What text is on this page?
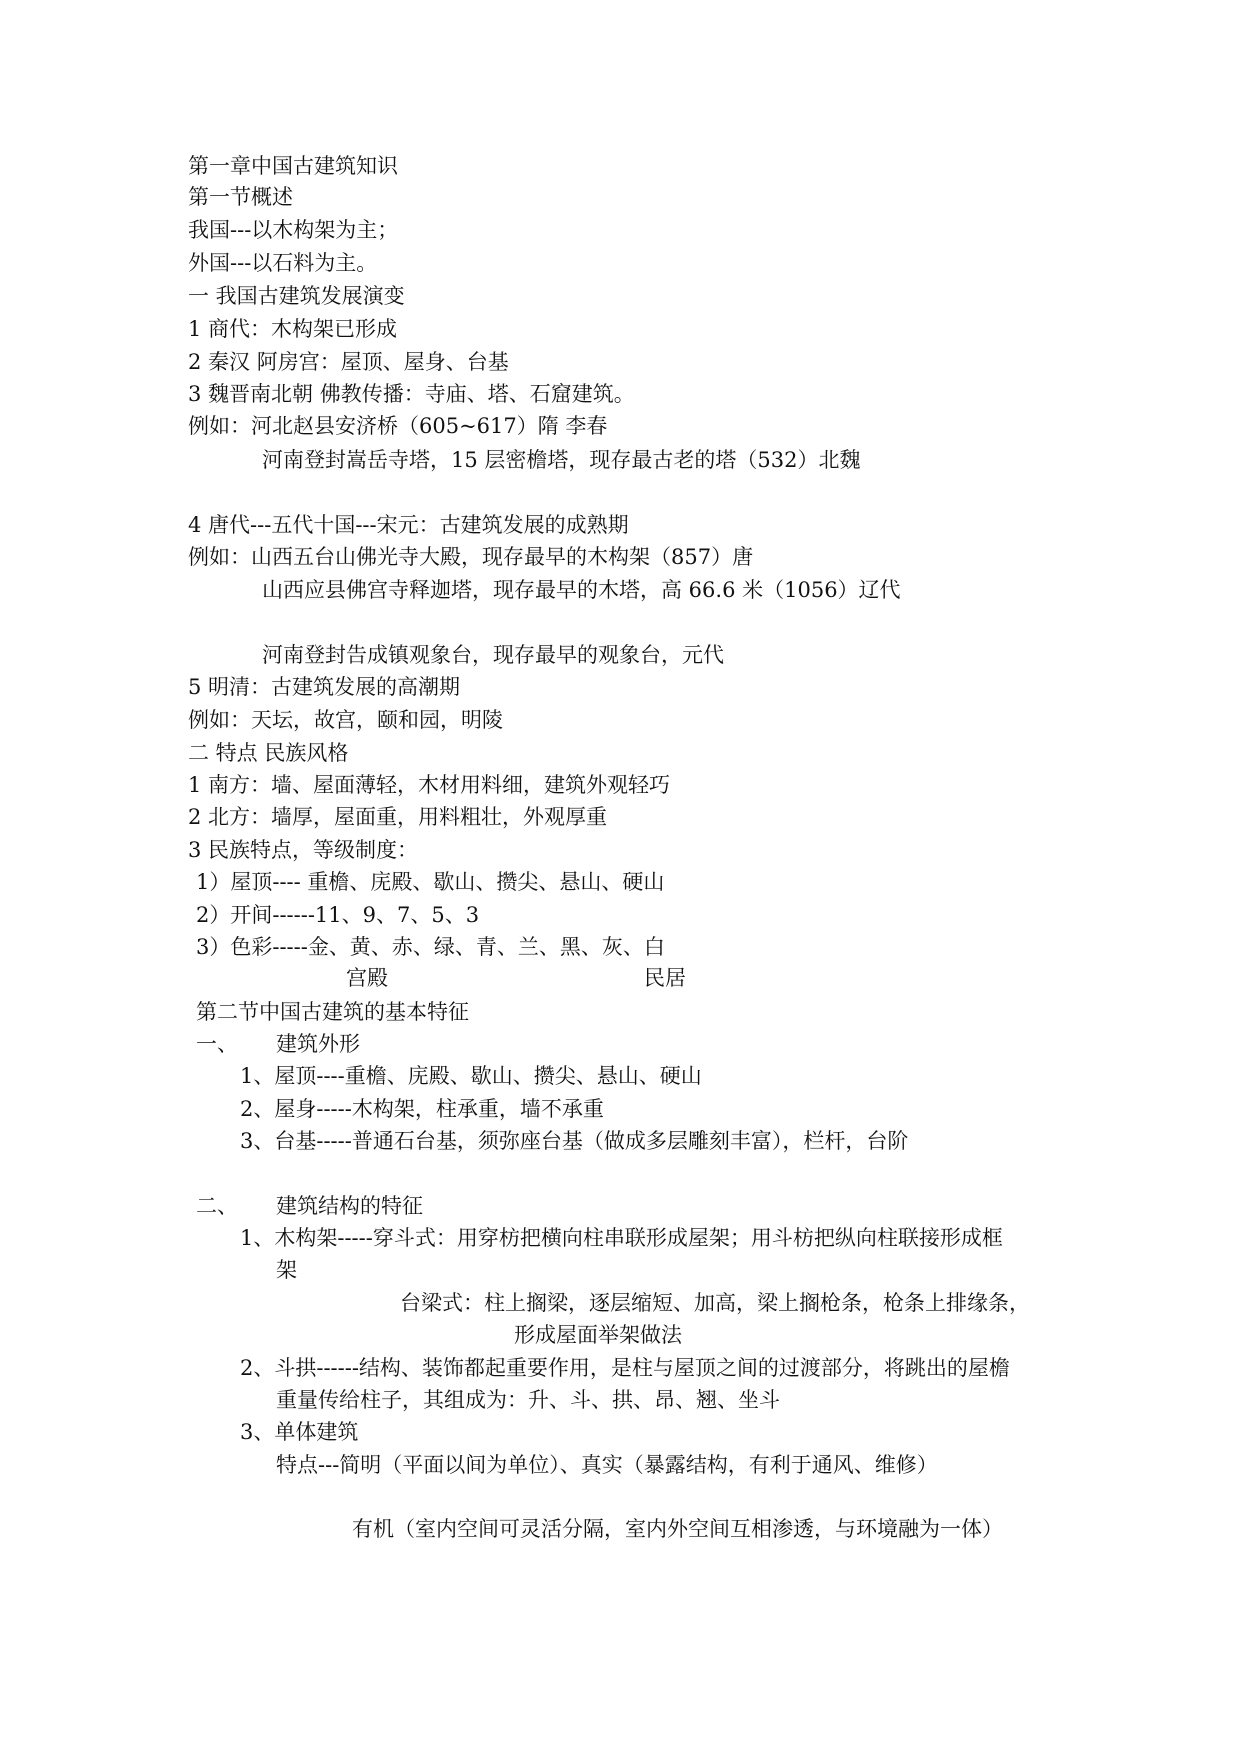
第一章中国古建筑知识
第一节概述
我国---以木构架为主；
外国---以石料为主。
一 我国古建筑发展演变
1 商代：木构架已形成
2 秦汉 阿房宫：屋顶、屋身、台基
3 魏晋南北朝 佛教传播：寺庙、塔、石窟建筑。
例如：河北赵县安济桥（605~617）隋 李春
河南登封嵩岳寺塔，15 层密檐塔，现存最古老的塔（532）北魏
4 唐代---五代十国---宋元：古建筑发展的成熟期
例如：山西五台山佛光寺大殿，现存最早的木构架（857）唐
山西应县佛宫寺释迦塔，现存最早的木塔，高 66.6 米（1056）辽代
河南登封告成镇观象台，现存最早的观象台，元代
5 明清：古建筑发展的高潮期
例如：天坛，故宫，颐和园，明陵
二 特点 民族风格
1 南方：墙、屋面薄轻，木材用料细，建筑外观轻巧
2 北方：墙厚，屋面重，用料粗壮，外观厚重
3 民族特点，等级制度：
1）屋顶---- 重檐、庑殿、歇山、攒尖、悬山、硬山
2）开间------11、9、7、5、3
3）色彩-----金、黄、赤、绿、青、兰、黑、灰、白
宫殿	民居
第二节中国古建筑的基本特征
一、 建筑外形
1、屋顶----重檐、庑殿、歇山、攒尖、悬山、硬山
2、屋身-----木构架，柱承重，墙不承重
3、台基-----普通石台基，须弥座台基（做成多层雕刻丰富），栏杆，台阶
二、 建筑结构的特征
1、木构架-----穿斗式：用穿枋把横向柱串联形成屋架；用斗枋把纵向柱联接形成框
架
台梁式：柱上搁梁，逐层缩短、加高，梁上搁枪条，枪条上排缘条，
形成屋面举架做法
2、斗拱------结构、装饰都起重要作用，是柱与屋顶之间的过渡部分，将跳出的屋檐
重量传给柱子，其组成为：升、斗、拱、昂、翘、坐斗
3、单体建筑
特点---简明（平面以间为单位）、真实（暴露结构，有利于通风、维修）
有机（室内空间可灵活分隔，室内外空间互相渗透，与环境融为一体）
